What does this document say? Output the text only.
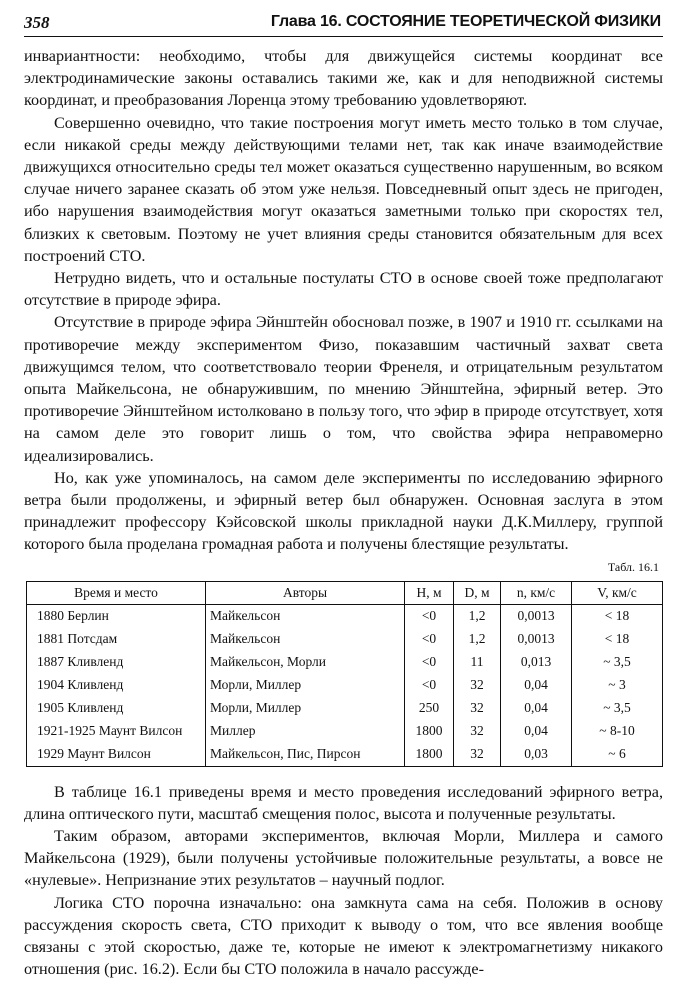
358	Глава 16. СОСТОЯНИЕ ТЕОРЕТИЧЕСКОЙ ФИЗИКИ

инвариантности: необходимо, чтобы для движущейся системы координат все электродинамические законы оставались такими же, как и для неподвижной системы координат, и преобразования Лоренца этому требованию удовлетворяют.

Совершенно очевидно, что такие построения могут иметь место только в том случае, если никакой среды между действующими телами нет, так как иначе взаимодействие движущихся относительно среды тел может оказаться существенно нарушенным, во всяком случае ничего заранее сказать об этом уже нельзя. Повседневный опыт здесь не пригоден, ибо нарушения взаимодействия могут оказаться заметными только при скоростях тел, близких к световым. Поэтому не учет влияния среды становится обязательным для всех построений СТО.

Нетрудно видеть, что и остальные постулаты СТО в основе своей тоже предполагают отсутствие в природе эфира.

Отсутствие в природе эфира Эйнштейн обосновал позже, в 1907 и 1910 гг. ссылками на противоречие между экспериментом Физо, показавшим частичный захват света движущимся телом, что соответствовало теории Френеля, и отрицательным результатом опыта Майкельсона, не обнаружившим, по мнению Эйнштейна, эфирный ветер. Это противоречие Эйнштейном истолковано в пользу того, что эфир в природе отсутствует, хотя на самом деле это говорит лишь о том, что свойства эфира неправомерно идеализировались.

Но, как уже упоминалось, на самом деле эксперименты по исследованию эфирного ветра были продолжены, и эфирный ветер был обнаружен. Основная заслуга в этом принадлежит профессору Кэйсовской школы прикладной науки Д.К.Миллеру, группой которого была проделана громадная работа и получены блестящие результаты.

Табл. 16.1
Время и место	Авторы	H, м	D, м	n, км/с	V, км/с
1880 Берлин	Майкельсон	<0	1,2	0,0013	< 18
1881 Потсдам	Майкельсон	<0	1,2	0,0013	< 18
1887 Кливленд	Майкельсон, Морли	<0	11	0,013	~ 3,5
1904 Кливленд	Морли, Миллер	<0	32	0,04	~ 3
1905 Кливленд	Морли, Миллер	250	32	0,04	~ 3,5
1921-1925 Маунт Вилсон	Миллер	1800	32	0,04	~ 8-10
1929 Маунт Вилсон	Майкельсон, Пис, Пирсон	1800	32	0,03	~ 6

В таблице 16.1 приведены время и место проведения исследований эфирного ветра, длина оптического пути, масштаб смещения полос, высота и полученные результаты.

Таким образом, авторами экспериментов, включая Морли, Миллера и самого Майкельсона (1929), были получены устойчивые положительные результаты, а вовсе не «нулевые». Непризнание этих результатов – научный подлог.

Логика СТО порочна изначально: она замкнута сама на себя. Положив в основу рассуждения скорость света, СТО приходит к выводу о том, что все явления вообще связаны с этой скоростью, даже те, которые не имеют к электромагнетизму никакого отношения (рис. 16.2). Если бы СТО положила в начало рассужде-
